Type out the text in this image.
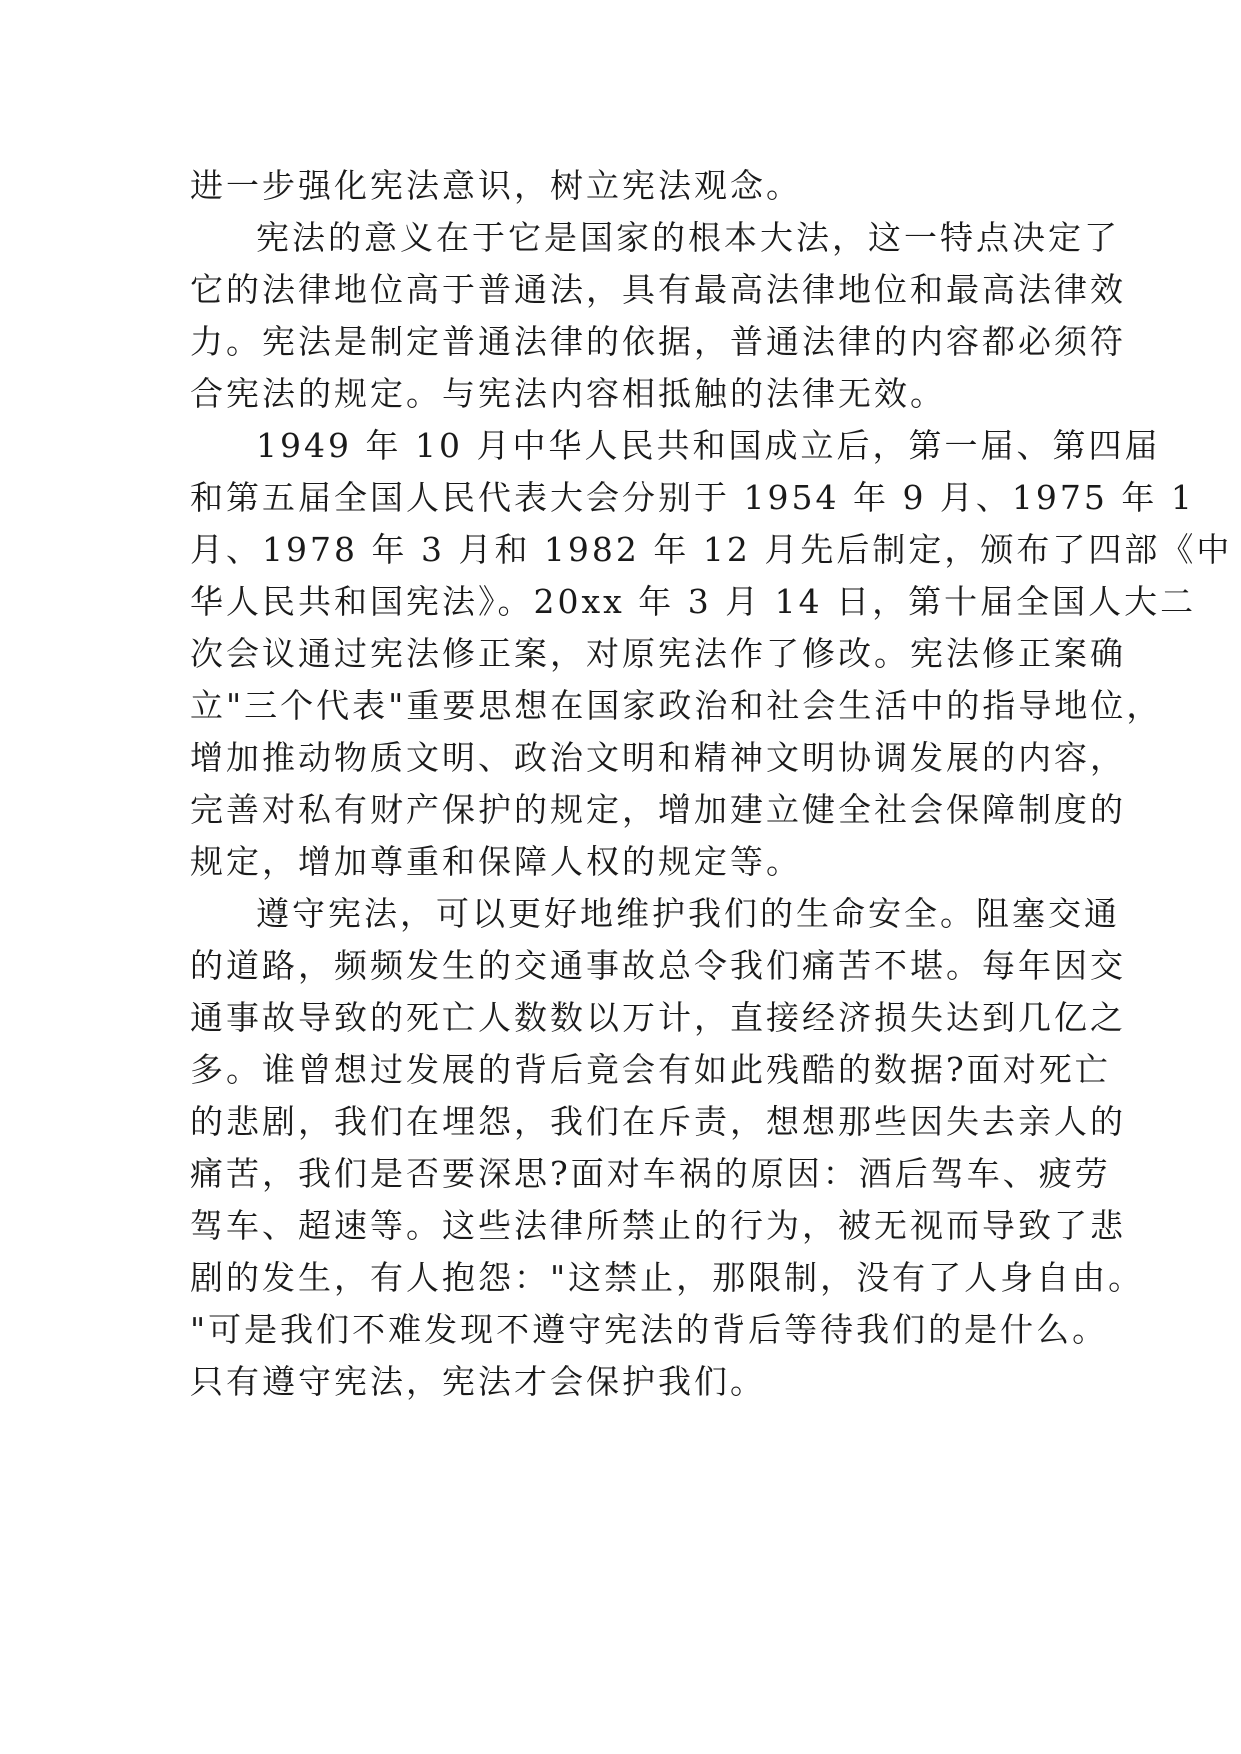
进一步强化宪法意识，树立宪法观念。
宪法的意义在于它是国家的根本大法，这一特点决定了
它的法律地位高于普通法，具有最高法律地位和最高法律效
力。宪法是制定普通法律的依据，普通法律的内容都必须符
合宪法的规定。与宪法内容相抵触的法律无效。
1949 年 10 月中华人民共和国成立后，第一届、第四届
和第五届全国人民代表大会分别于 1954 年 9 月、1975 年 1
月、1978 年 3 月和 1982 年 12 月先后制定，颁布了四部《中
华人民共和国宪法》。20xx 年 3 月 14 日，第十届全国人大二
次会议通过宪法修正案，对原宪法作了修改。宪法修正案确
立"三个代表"重要思想在国家政治和社会生活中的指导地位，
增加推动物质文明、政治文明和精神文明协调发展的内容，
完善对私有财产保护的规定，增加建立健全社会保障制度的
规定，增加尊重和保障人权的规定等。
遵守宪法，可以更好地维护我们的生命安全。阻塞交通
的道路，频频发生的交通事故总令我们痛苦不堪。每年因交
通事故导致的死亡人数数以万计，直接经济损失达到几亿之
多。谁曾想过发展的背后竟会有如此残酷的数据?面对死亡
的悲剧，我们在埋怨，我们在斥责，想想那些因失去亲人的
痛苦，我们是否要深思?面对车祸的原因：酒后驾车、疲劳
驾车、超速等。这些法律所禁止的行为，被无视而导致了悲
剧的发生，有人抱怨："这禁止，那限制，没有了人身自由。
"可是我们不难发现不遵守宪法的背后等待我们的是什么。
只有遵守宪法，宪法才会保护我们。
